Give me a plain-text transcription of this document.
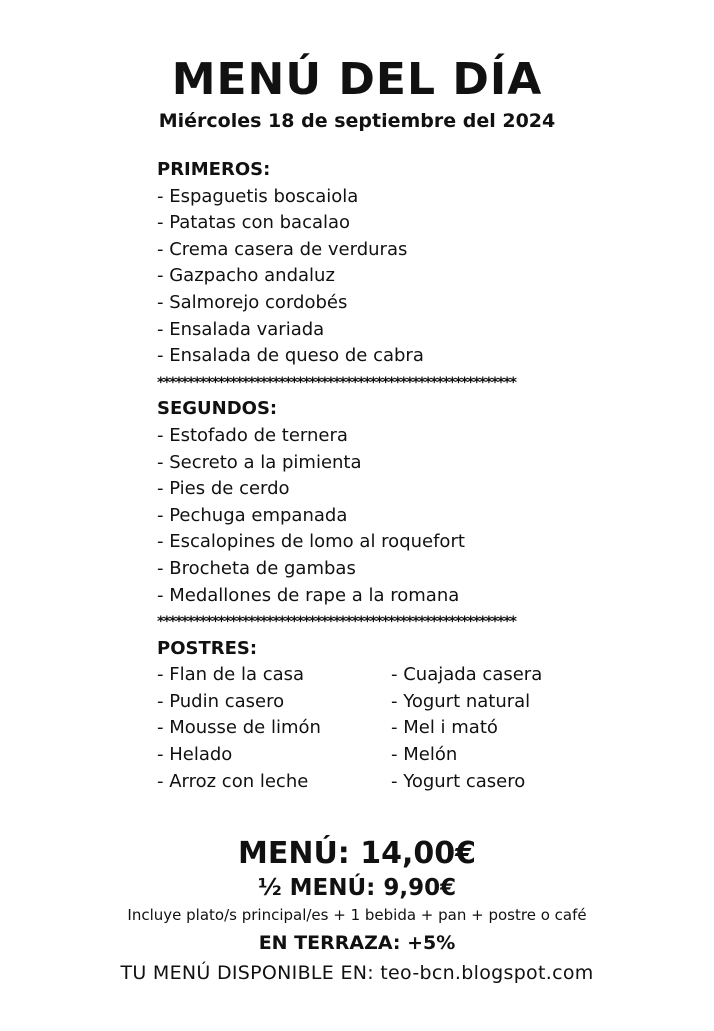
MENÚ DEL DÍA
Miércoles 18 de septiembre del 2024
PRIMEROS:
- Espaguetis boscaiola
- Patatas con bacalao
- Crema casera de verduras
- Gazpacho andaluz
- Salmorejo cordobés
- Ensalada variada
- Ensalada de queso de cabra
***********************************************************
SEGUNDOS:
- Estofado de ternera
- Secreto a la pimienta
- Pies de cerdo
- Pechuga empanada
- Escalopines de lomo al roquefort
- Brocheta de gambas
- Medallones de rape a la romana
***********************************************************
POSTRES:
- Flan de la casa
- Pudin casero
- Mousse de limón
- Helado
- Arroz con leche
- Cuajada casera
- Yogurt natural
- Mel i mató
- Melón
- Yogurt casero
MENÚ: 14,00€
½ MENÚ: 9,90€
Incluye plato/s principal/es + 1 bebida + pan + postre o café
EN TERRAZA: +5%
TU MENÚ DISPONIBLE EN: teo-bcn.blogspot.com
